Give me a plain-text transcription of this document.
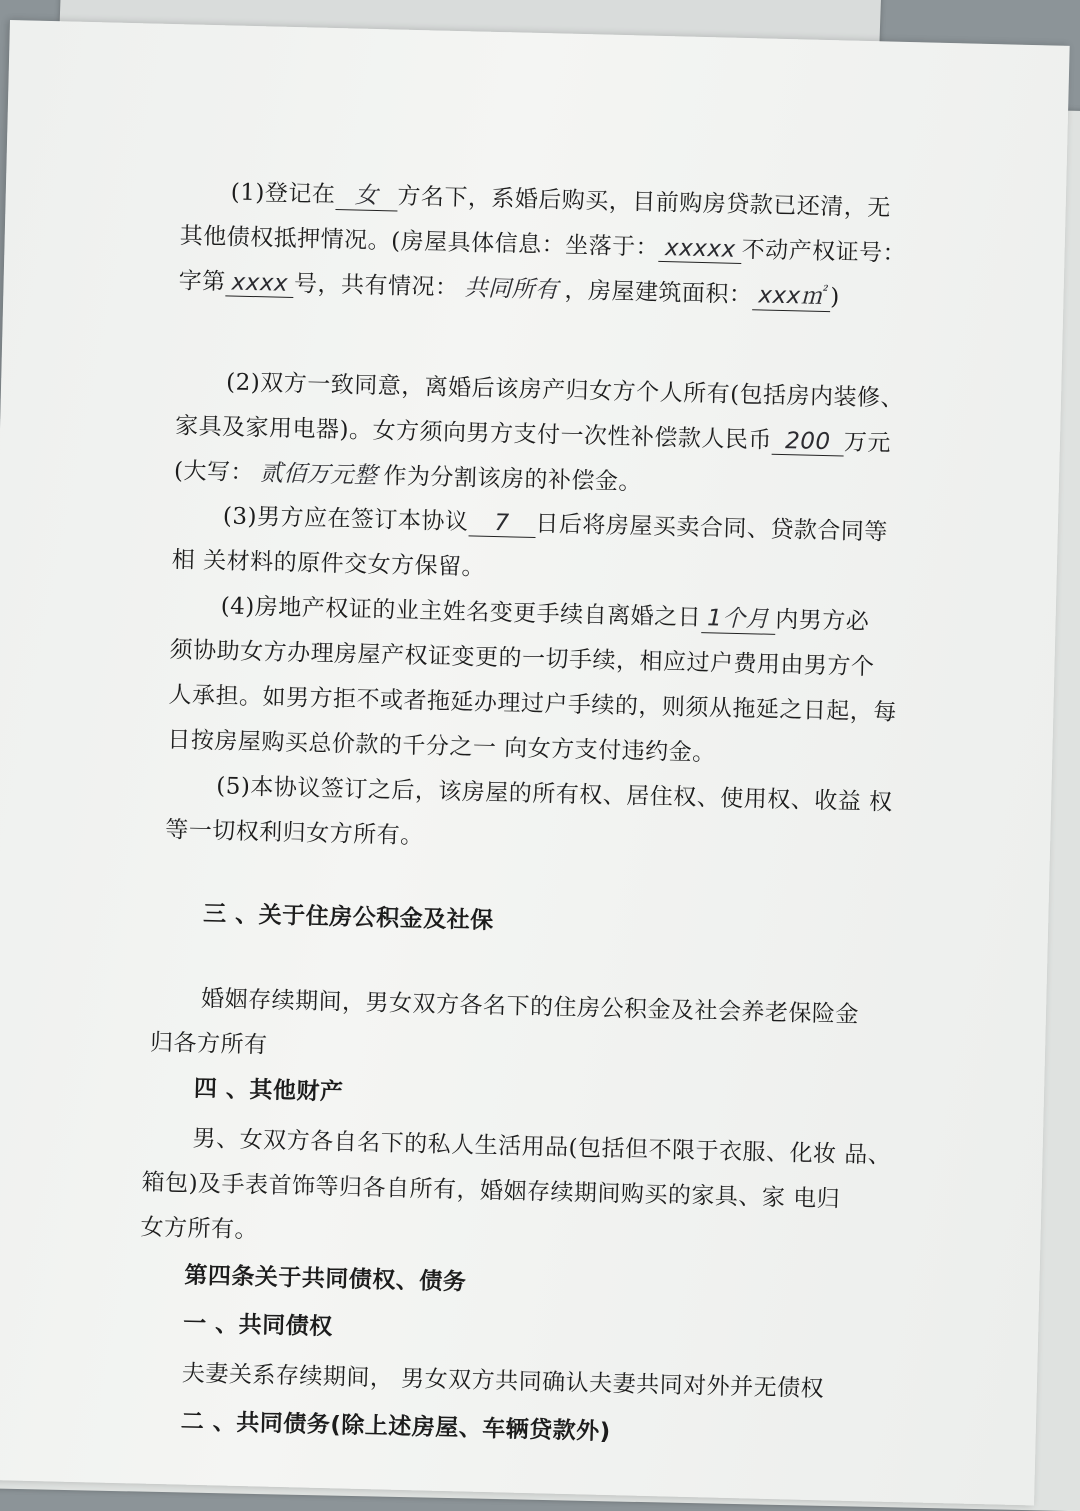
(1)登记在 女 方名下，系婚后购买，目前购房贷款已还清，无
其他债权抵押情况。(房屋具体信息：坐落于： xxxxx 不动产权证号：
字第 xxxx 号，共有情况： 共同所有 ，房屋建筑面积： xxx㎡ )
(2)双方一致同意，离婚后该房产归女方个人所有(包括房内装修、
家具及家用电器)。女方须向男方支付一次性补偿款人民币 200 万元
(大写： 贰佰万元整 作为分割该房的补偿金。
(3)男方应在签订本协议 7 日后将房屋买卖合同、贷款合同等
相 关材料的原件交女方保留。
(4)房地产权证的业主姓名变更手续自离婚之日 1个月 内男方必
须协助女方办理房屋产权证变更的一切手续，相应过户费用由男方个
人承担。如男方拒不或者拖延办理过户手续的，则须从拖延之日起，每
日按房屋购买总价款的千分之一 向女方支付违约金。
(5)本协议签订之后，该房屋的所有权、居住权、使用权、收益 权
等一切权利归女方所有。
三 、关于住房公积金及社保
婚姻存续期间，男女双方各名下的住房公积金及社会养老保险金
归各方所有
四 、其他财产
男、女双方各自名下的私人生活用品(包括但不限于衣服、化妆 品、
箱包)及手表首饰等归各自所有，婚姻存续期间购买的家具、家 电归
女方所有。
第四条关于共同债权、债务
一 、共同债权
夫妻关系存续期间， 男女双方共同确认夫妻共同对外并无债权
二 、共同债务(除上述房屋、车辆贷款外)
